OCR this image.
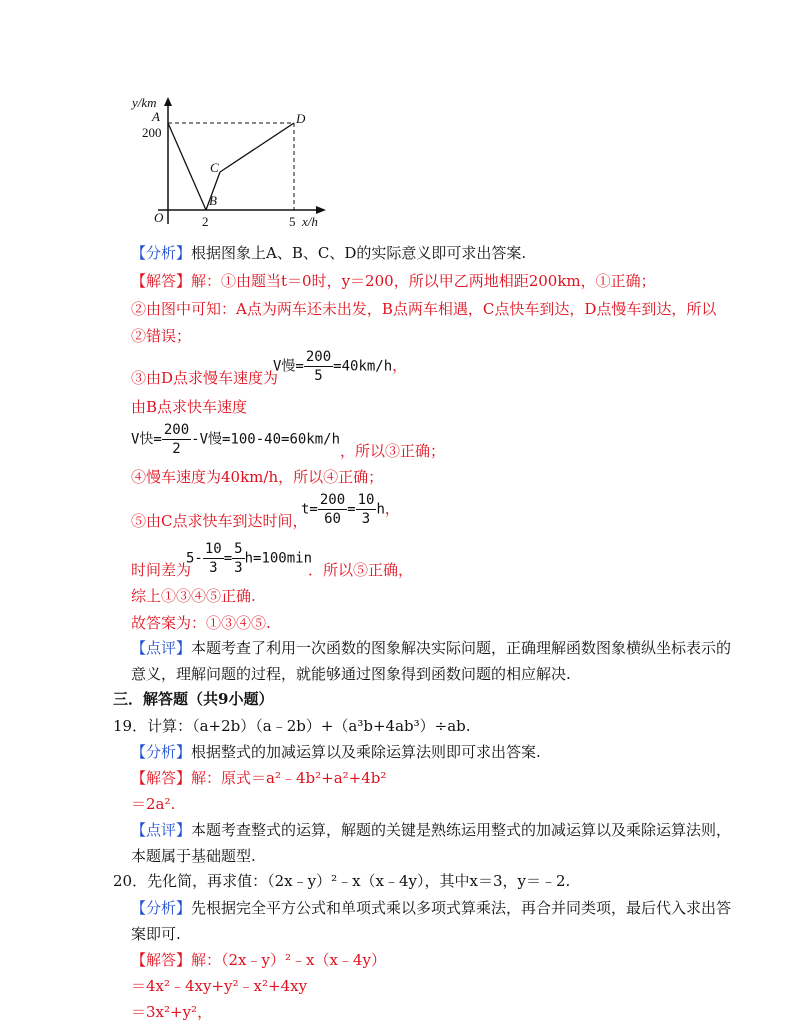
y/km
A
200
B
C
D
O	2	5 x/h
【分析】根据图象上A、B、C、D的实际意义即可求出答案.
【解答】解：①由题当t＝0时，y＝200，所以甲乙两地相距200km，①正确；
②由图中可知：A点为两车还未出发，B点两车相遇，C点快车到达，D点慢车到达，所以
②错误；
③由D点求慢车速度为
V慢= $\frac{200}{5} =40km/h$，
由B点求快车速度
V快= $\frac{200}{2} -V$慢=100-40=60km/h
，所以③正确；
④慢车速度为40km/h，所以④正确；
⑤由C点求快车到达时间，
$t= \frac{200}{60} = \frac{10}{3}$ h，
时间差为
$5- \frac{10}{3} = \frac{5}{3} h=100\min$
．所以⑤正确，
综上①③④⑤正确.
故答案为：①③④⑤.
【点评】本题考查了利用一次函数的图象解决实际问题，正确理解函数图象横纵坐标表示的
意义，理解问题的过程，就能够通过图象得到函数问题的相应解决.
三．解答题（共9小题）
19．计算：（a+2b）（a﹣2b）+（a³b+4ab³）÷ab.
【分析】根据整式的加减运算以及乘除运算法则即可求出答案.
【解答】解：原式＝a²﹣4b²+a²+4b²
＝2a².
【点评】本题考查整式的运算，解题的关键是熟练运用整式的加减运算以及乘除运算法则，
本题属于基础题型.
20．先化简，再求值：（2x﹣y）²﹣x（x﹣4y），其中x＝3，y＝﹣2.
【分析】先根据完全平方公式和单项式乘以多项式算乘法，再合并同类项，最后代入求出答
案即可.
【解答】解：（2x﹣y）²﹣x（x﹣4y）
＝4x²﹣4xy+y²﹣x²+4xy
＝3x²+y²，
